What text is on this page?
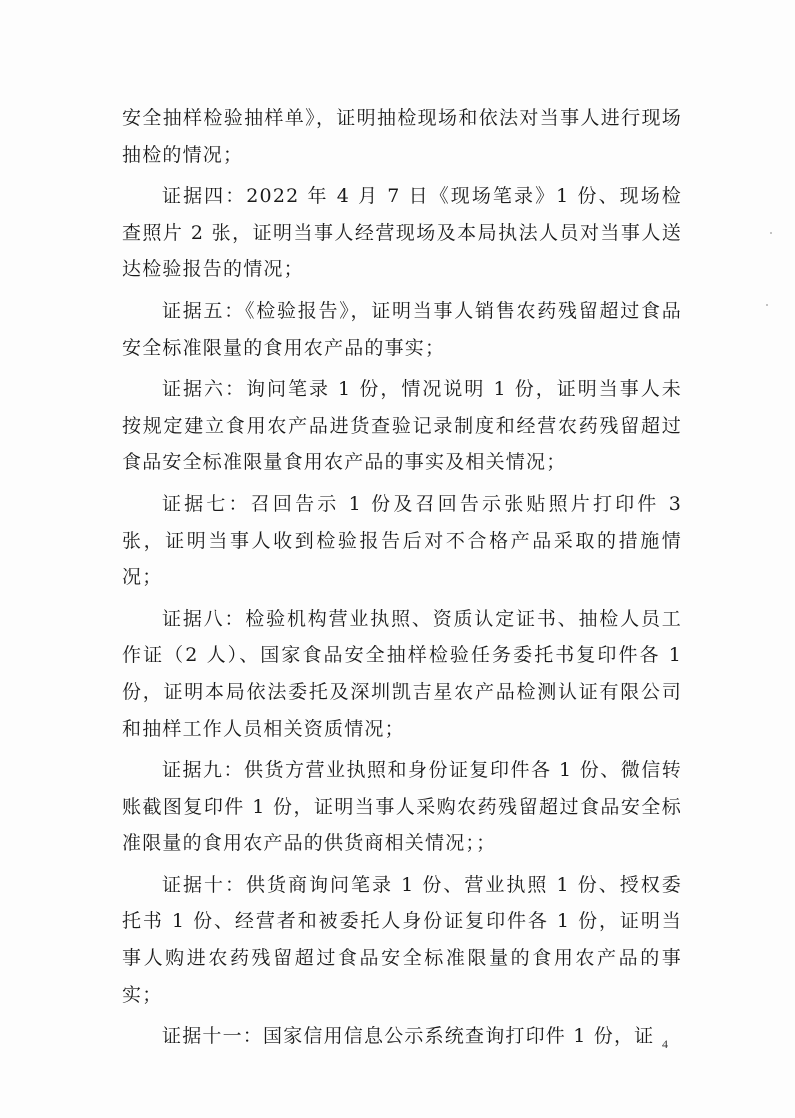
安全抽样检验抽样单》，证明抽检现场和依法对当事人进行现场抽检的情况；

证据四：2022 年 4 月 7 日《现场笔录》1 份、现场检查照片 2 张，证明当事人经营现场及本局执法人员对当事人送达检验报告的情况；

证据五：《检验报告》，证明当事人销售农药残留超过食品安全标准限量的食用农产品的事实；

证据六：询问笔录 1 份，情况说明 1 份，证明当事人未按规定建立食用农产品进货查验记录制度和经营农药残留超过食品安全标准限量食用农产品的事实及相关情况；

证据七：召回告示 1 份及召回告示张贴照片打印件 3 张，证明当事人收到检验报告后对不合格产品采取的措施情况；

证据八：检验机构营业执照、资质认定证书、抽检人员工作证（2 人）、国家食品安全抽样检验任务委托书复印件各 1 份，证明本局依法委托及深圳凯吉星农产品检测认证有限公司和抽样工作人员相关资质情况；

证据九：供货方营业执照和身份证复印件各 1 份、微信转账截图复印件 1 份，证明当事人采购农药残留超过食品安全标准限量的食用农产品的供货商相关情况；；

证据十：供货商询问笔录 1 份、营业执照 1 份、授权委托书 1 份、经营者和被委托人身份证复印件各 1 份，证明当事人购进农药残留超过食品安全标准限量的食用农产品的事实；

证据十一：国家信用信息公示系统查询打印件 1 份，证 4
